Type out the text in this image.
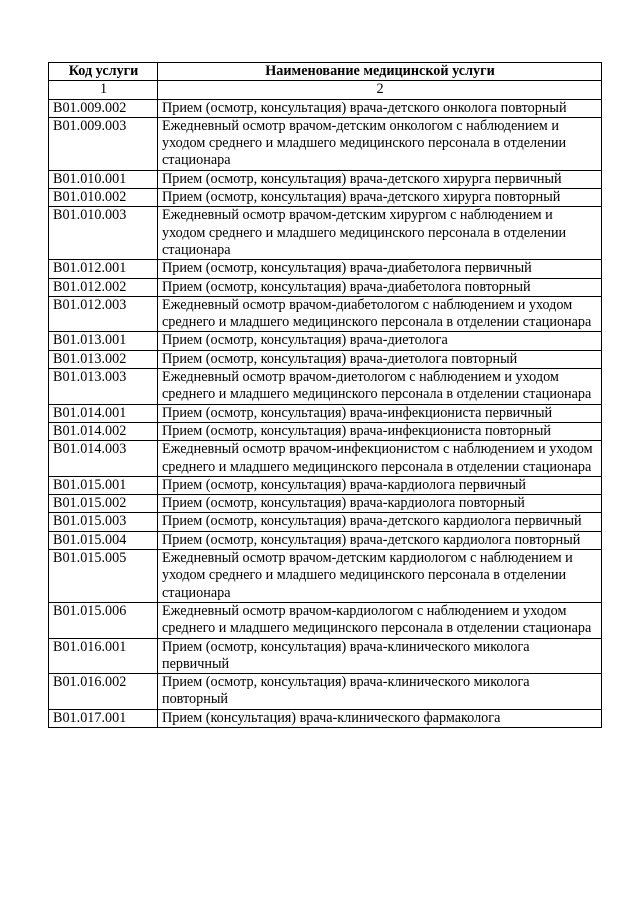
Код услуги	Наименование медицинской услуги
1	2
B01.009.002	Прием (осмотр, консультация) врача-детского онколога повторный
B01.009.003	Ежедневный осмотр врачом-детским онкологом с наблюдением и уходом среднего и младшего медицинского персонала в отделении стационара
B01.010.001	Прием (осмотр, консультация) врача-детского хирурга первичный
B01.010.002	Прием (осмотр, консультация) врача-детского хирурга повторный
B01.010.003	Ежедневный осмотр врачом-детским хирургом с наблюдением и уходом среднего и младшего медицинского персонала в отделении стационара
B01.012.001	Прием (осмотр, консультация) врача-диабетолога первичный
B01.012.002	Прием (осмотр, консультация) врача-диабетолога повторный
B01.012.003	Ежедневный осмотр врачом-диабетологом с наблюдением и уходом среднего и младшего медицинского персонала в отделении стационара
B01.013.001	Прием (осмотр, консультация) врача-диетолога
B01.013.002	Прием (осмотр, консультация) врача-диетолога повторный
B01.013.003	Ежедневный осмотр врачом-диетологом с наблюдением и уходом среднего и младшего медицинского персонала в отделении стационара
B01.014.001	Прием (осмотр, консультация) врача-инфекциониста первичный
B01.014.002	Прием (осмотр, консультация) врача-инфекциониста повторный
B01.014.003	Ежедневный осмотр врачом-инфекционистом с наблюдением и уходом среднего и младшего медицинского персонала в отделении стационара
B01.015.001	Прием (осмотр, консультация) врача-кардиолога первичный
B01.015.002	Прием (осмотр, консультация) врача-кардиолога повторный
B01.015.003	Прием (осмотр, консультация) врача-детского кардиолога первичный
B01.015.004	Прием (осмотр, консультация) врача-детского кардиолога повторный
B01.015.005	Ежедневный осмотр врачом-детским кардиологом с наблюдением и уходом среднего и младшего медицинского персонала в отделении стационара
B01.015.006	Ежедневный осмотр врачом-кардиологом с наблюдением и уходом среднего и младшего медицинского персонала в отделении стационара
B01.016.001	Прием (осмотр, консультация) врача-клинического миколога первичный
B01.016.002	Прием (осмотр, консультация) врача-клинического миколога повторный
B01.017.001	Прием (консультация) врача-клинического фармаколога
